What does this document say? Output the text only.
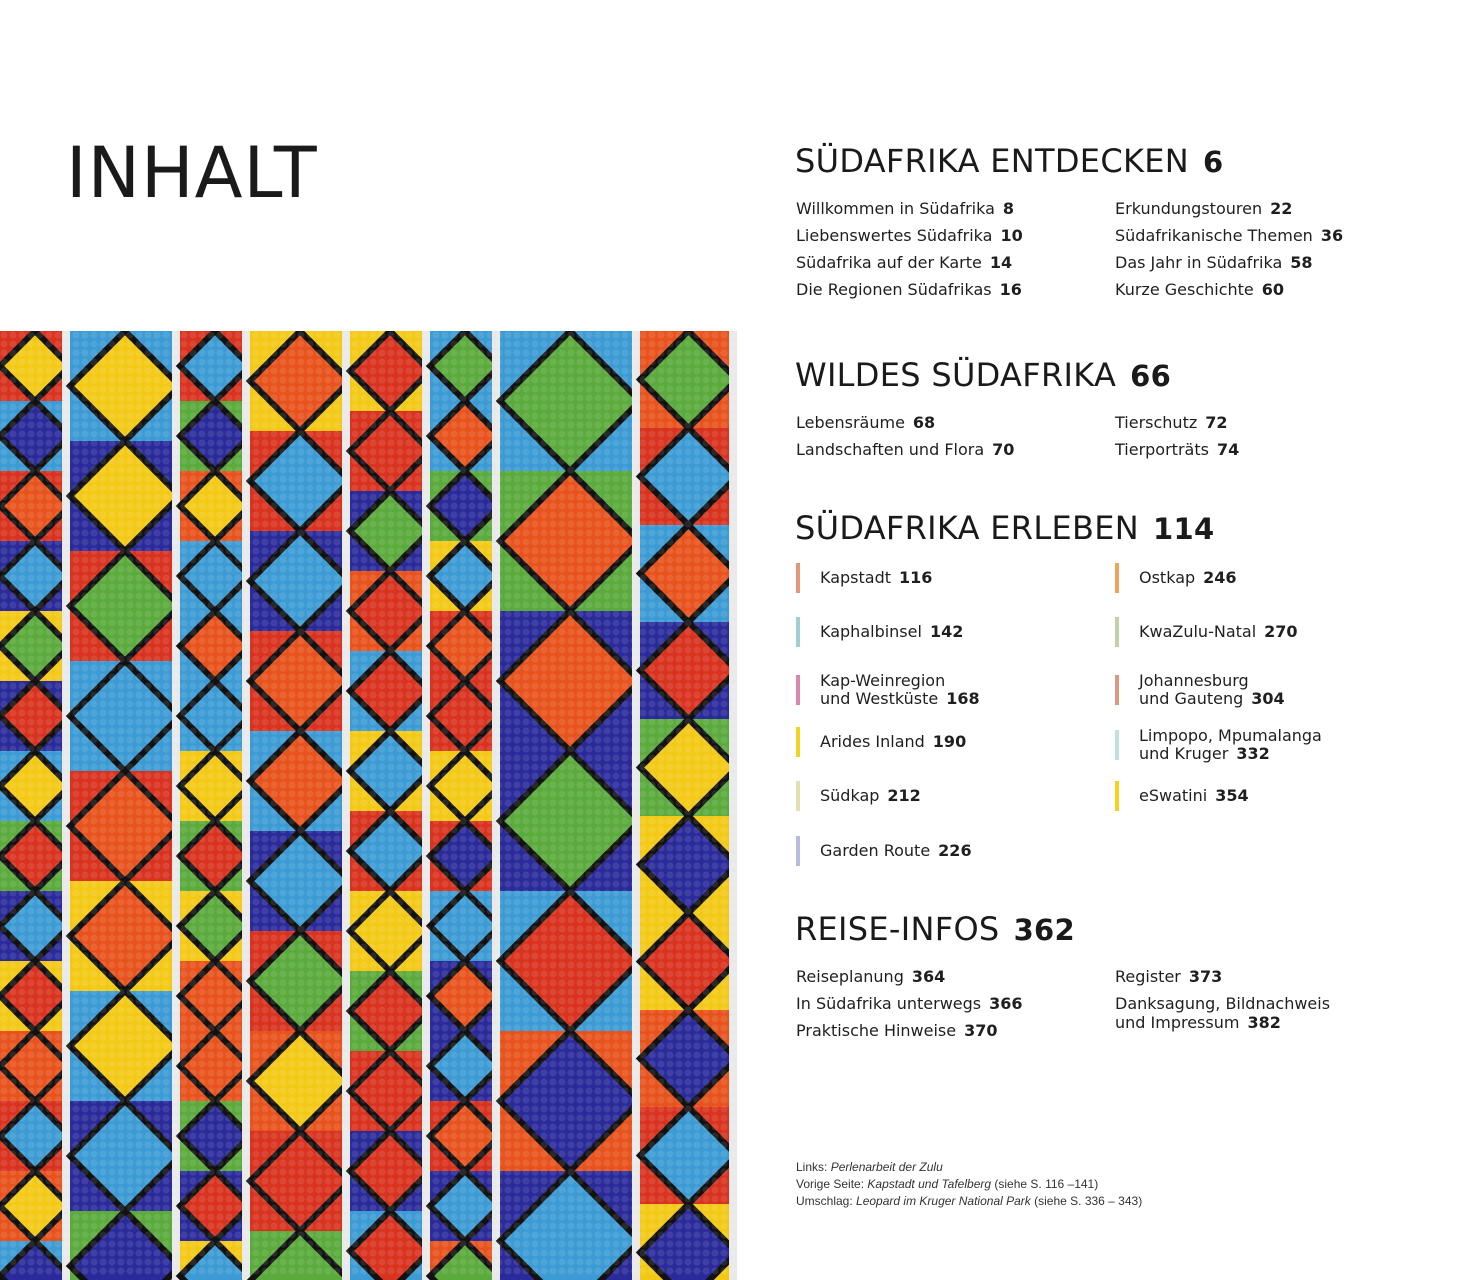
INHALT	SÜDAFRIKA ENTDECKEN 6
Willkommen in Südafrika 8
Liebenswertes Südafrika 10
Südafrika auf der Karte 14
Die Regionen Südafrikas 16
Erkundungstouren 22
Südafrikanische Themen 36
Das Jahr in Südafrika 58
Kurze Geschichte 60
WILDES SÜDAFRIKA 66
Lebensräume 68
Landschaften und Flora 70
Tierschutz 72
Tierporträts 74
SÜDAFRIKA ERLEBEN 114
Kapstadt 116
Kaphalbinsel 142
Kap-Weinregion
und Westküste 168
Arides Inland 190
Südkap 212
Garden Route 226
Ostkap 246
KwaZulu-Natal 270
Johannesburg
und Gauteng 304
Limpopo, Mpumalanga
und Kruger 332
eSwatini 354
REISE-INFOS 362
Reiseplanung 364
In Südafrika unterwegs 366
Praktische Hinweise 370
Register 373
Danksagung, Bildnachweis
und Impressum 382
Links: Perlenarbeit der Zulu
Vorige Seite: Kapstadt und Tafelberg (siehe S. 116 –141)
Umschlag: Leopard im Kruger National Park (siehe S. 336 – 343)
